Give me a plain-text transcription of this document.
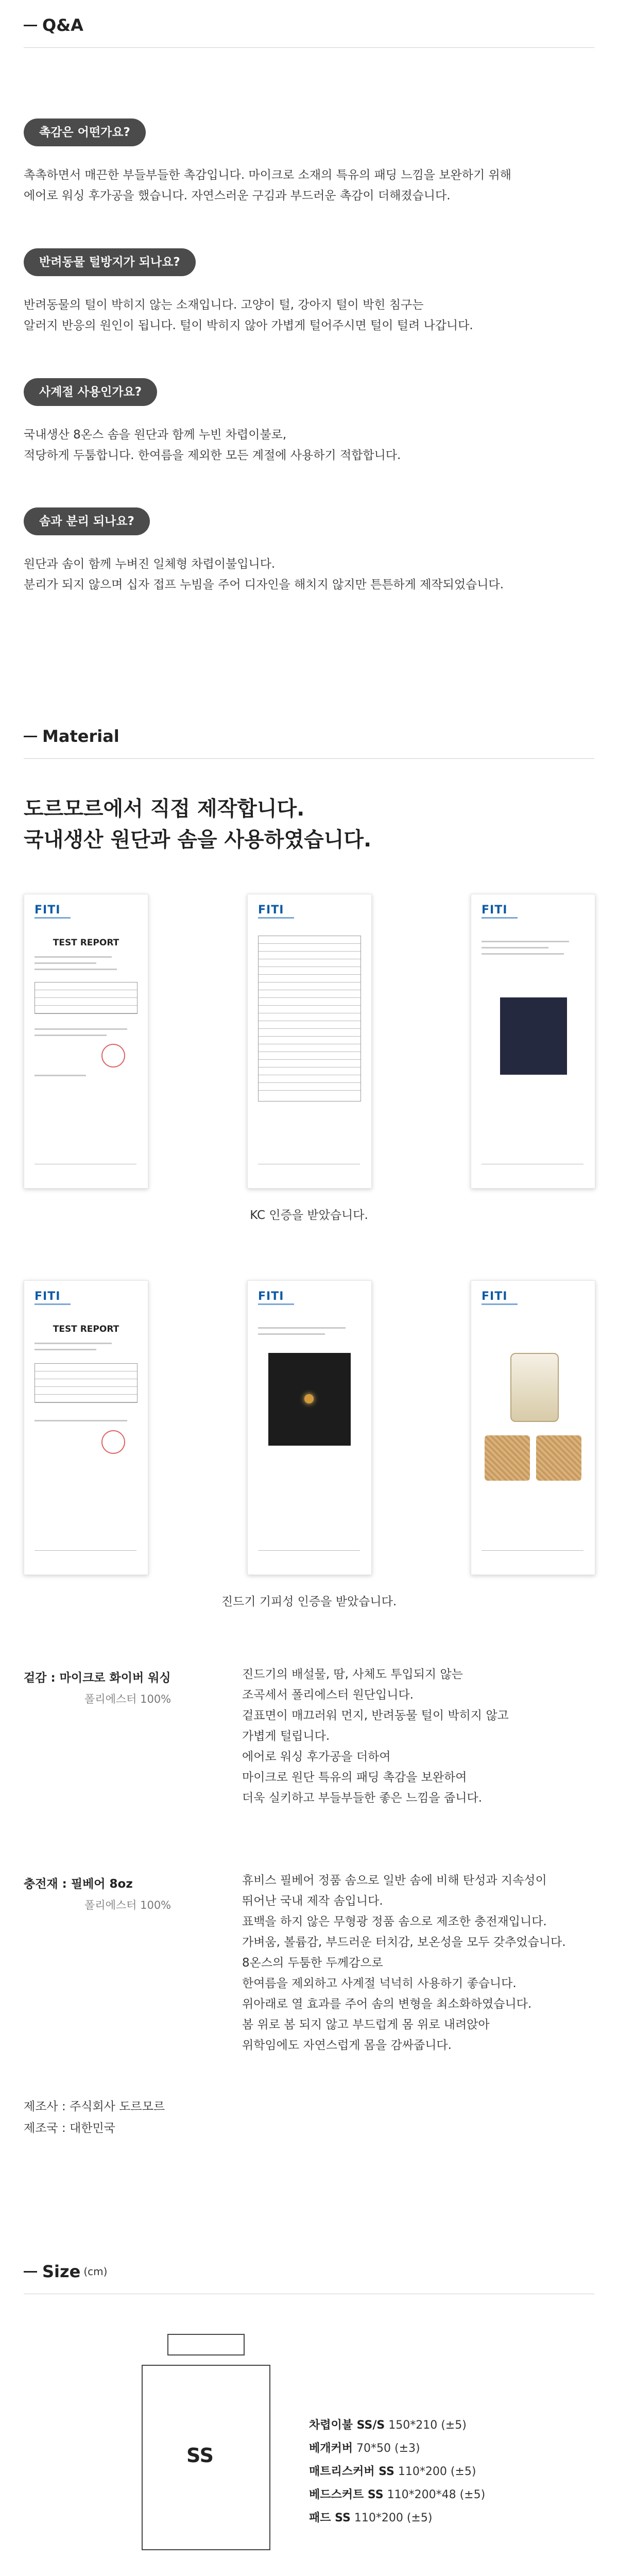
Q&A
촉감은 어떤가요?
촉촉하면서 매끈한 부들부들한 촉감입니다. 마이크로 소재의 특유의 패딩 느낌을 보완하기 위해
에어로 워싱 후가공을 했습니다. 자연스러운 구김과 부드러운 촉감이 더해졌습니다.
반려동물 털방지가 되나요?
반려동물의 털이 박히지 않는 소재입니다. 고양이 털, 강아지 털이 박힌 침구는
알러지 반응의 원인이 됩니다. 털이 박히지 않아 가볍게 털어주시면 털이 털려 나갑니다.
사계절 사용인가요?
국내생산 8온스 솜을 원단과 함께 누빈 차렵이불로,
적당하게 두툼합니다. 한여름을 제외한 모든 계절에 사용하기 적합합니다.
솜과 분리 되나요?
원단과 솜이 함께 누벼진 일체형 차렵이불입니다.
분리가 되지 않으며 십자 접프 누빔을 주어 디자인을 해치지 않지만 튼튼하게 제작되었습니다.
Material
도르모르에서 직접 제작합니다.
국내생산 원단과 솜을 사용하였습니다.
FITI
TEST REPORT
FITI	FITI
KC 인증을 받았습니다.
FITI
TEST REPORT
FITI	FITI
진드기 기피성 인증을 받았습니다.
겉감 : 마이크로 화이버 워싱
폴리에스터 100%
진드기의 배설물, 땀, 사체도 투입되지 않는
조곡세서 폴리에스터 원단입니다.
겉표면이 매끄러워 먼지, 반려동물 털이 박히지 않고
가볍게 털립니다.
에어로 워싱 후가공을 더하여
마이크로 원단 특유의 패딩 촉감을 보완하여
더욱 실키하고 부들부들한 좋은 느낌을 줍니다.
충전재 : 필베어 8oz
폴리에스터 100%
휴비스 필베어 정품 솜으로 일반 솜에 비해 탄성과 지속성이
뛰어난 국내 제작 솜입니다.
표백을 하지 않은 무형광 정품 솜으로 제조한 충전재입니다.
가벼움, 볼륨감, 부드러운 터치감, 보온성을 모두 갖추었습니다.
8온스의 두툼한 두께감으로
한여름을 제외하고 사계절 넉넉히 사용하기 좋습니다.
위아래로 열 효과를 주어 솜의 변형을 최소화하였습니다.
봄 위로 봄 되지 않고 부드럽게 몸 위로 내려앉아
위학임에도 자연스럽게 몸을 감싸줍니다.
제조사 : 주식회사 도르모르
제조국 : 대한민국
Size (cm)
SS
차렵이불 SS/S 150*210 (±5)
베개커버 70*50 (±3)
매트리스커버 SS 110*200 (±5)
베드스커트 SS 110*200*48 (±5)
패드 SS 110*200 (±5)
